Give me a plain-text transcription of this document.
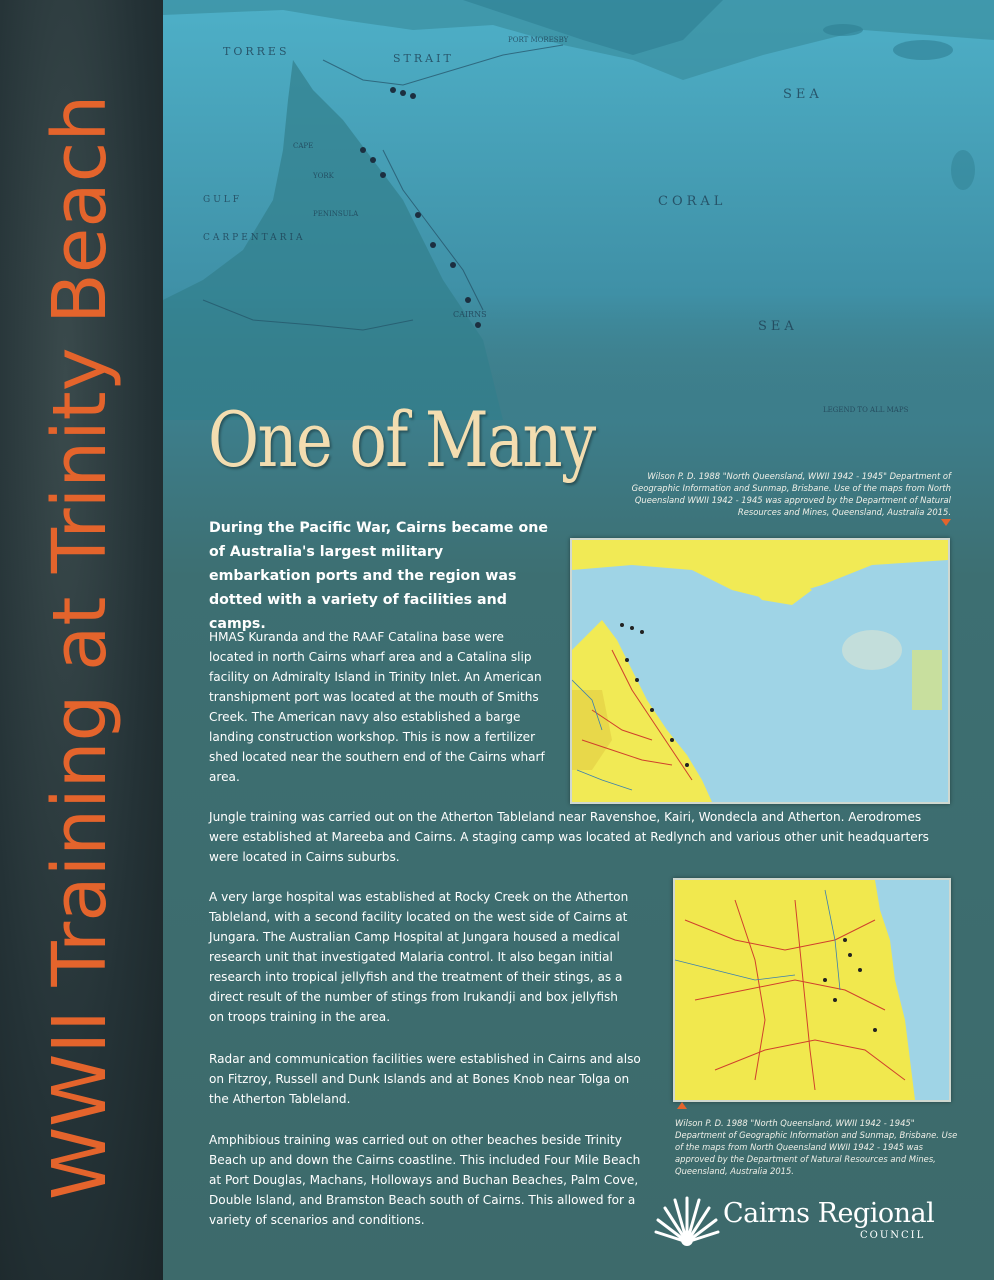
WWII Training at Trinity Beach
TORRES
STRAIT
PORT MORESBY
CORAL
SEA
SEA
GULF
CARPENTARIA
CAIRNS
CAPE
YORK
PENINSULA
LEGEND TO ALL MAPS
One of Many	Wilson P. D. 1988 "North Queensland, WWII 1942 - 1945" Department of Geographic Information and Sunmap, Brisbane. Use of the maps from North Queensland WWII 1942 - 1945 was approved by the Department of Natural Resources and Mines, Queensland, Australia 2015.
During the Pacific War, Cairns became one of Australia's largest military embarkation ports and the region was dotted with a variety of facilities and camps.
HMAS Kuranda and the RAAF Catalina base were located in north Cairns wharf area and a Catalina slip facility on Admiralty Island in Trinity Inlet. An American transhipment port was located at the mouth of Smiths Creek. The American navy also established a barge landing construction workshop. This is now a fertilizer shed located near the southern end of the Cairns wharf area.
Jungle training was carried out on the Atherton Tableland near Ravenshoe, Kairi, Wondecla and Atherton. Aerodromes were established at Mareeba and Cairns. A staging camp was located at Redlynch and various other unit headquarters were located in Cairns suburbs.
A very large hospital was established at Rocky Creek on the Atherton Tableland, with a second facility located on the west side of Cairns at Jungara. The Australian Camp Hospital at Jungara housed a medical research unit that investigated Malaria control. It also began initial research into tropical jellyfish and the treatment of their stings, as a direct result of the number of stings from Irukandji and box jellyfish on troops training in the area.
Radar and communication facilities were established in Cairns and also on Fitzroy, Russell and Dunk Islands and at Bones Knob near Tolga on the Atherton Tableland.
Amphibious training was carried out on other beaches beside Trinity Beach up and down the Cairns coastline. This included Four Mile Beach at Port Douglas, Machans, Holloways and Buchan Beaches, Palm Cove, Double Island, and Bramston Beach south of Cairns. This allowed for a variety of scenarios and conditions.
Wilson P. D. 1988 "North Queensland, WWII 1942 - 1945" Department of Geographic Information and Sunmap, Brisbane. Use of the maps from North Queensland WWII 1942 - 1945 was approved by the Department of Natural Resources and Mines, Queensland, Australia 2015.
Cairns Regional
COUNCIL
